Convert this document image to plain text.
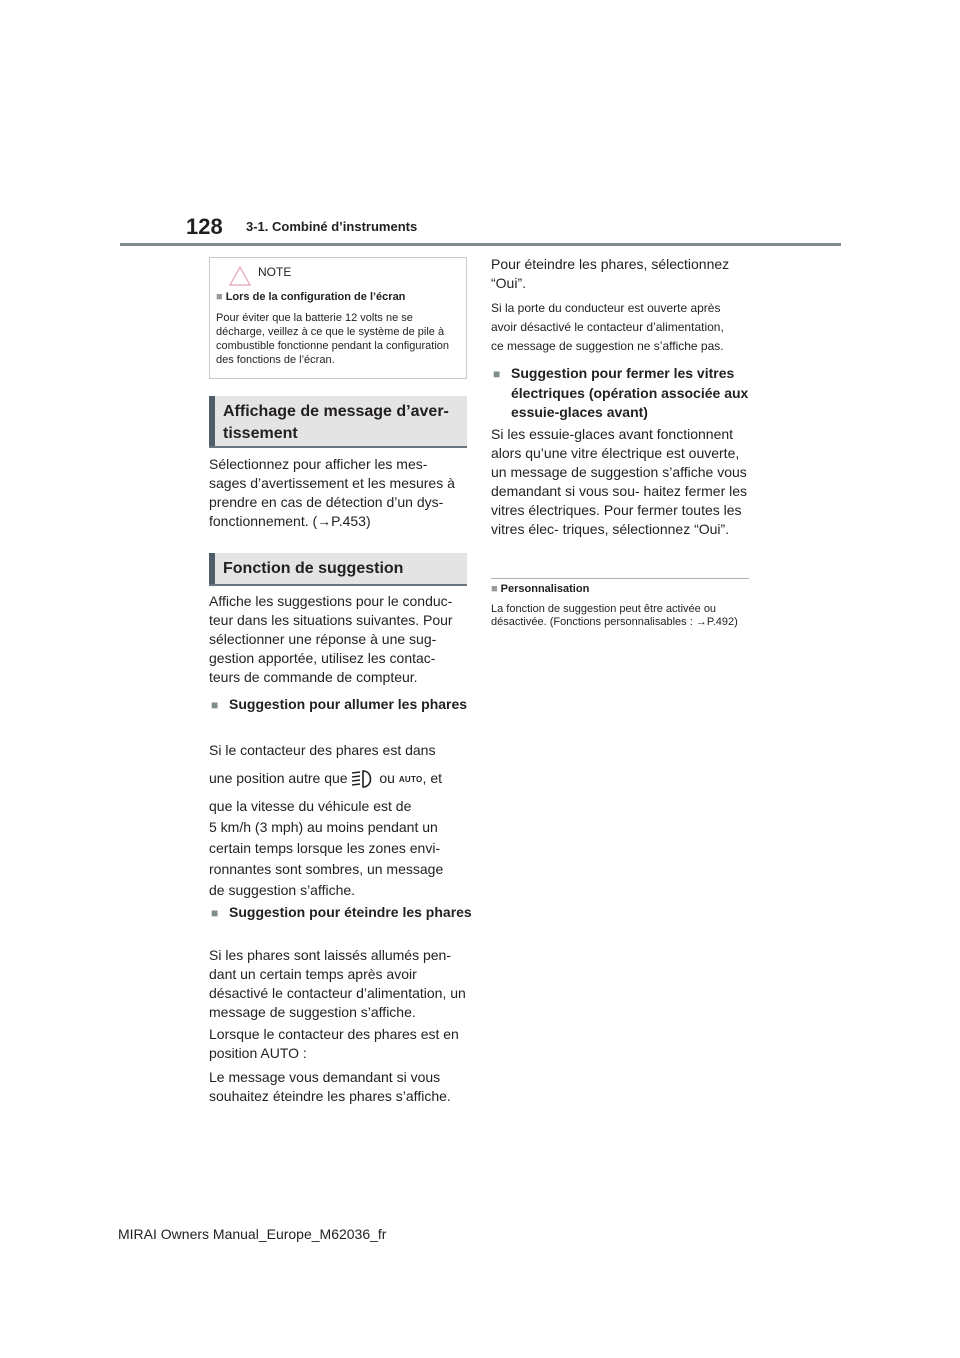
128 3-1. Combiné d’instruments
NOTE
■ Lors de la configuration de l’écran
Pour éviter que la batterie 12 volts ne se décharge, veillez à ce que le système de pile à combustible fonctionne pendant la configuration des fonctions de l’écran.
Affichage de message d’aver-
tissement
Sélectionnez pour afficher les mes- sages d’avertissement et les mesures à prendre en cas de détection d’un dys- fonctionnement. (→P.453)
Fonction de suggestion
Affiche les suggestions pour le conduc- teur dans les situations suivantes. Pour sélectionner une réponse à une sug- gestion apportée, utilisez les contac- teurs de commande de compteur.
■ Suggestion pour allumer les phares
Si le contacteur des phares est dans
une position autre que ou AUTO, et
que la vitesse du véhicule est de
5 km/h (3 mph) au moins pendant un
certain temps lorsque les zones envi-
ronnantes sont sombres, un message
de suggestion s’affiche.
■ Suggestion pour éteindre les phares
Si les phares sont laissés allumés pen- dant un certain temps après avoir désactivé le contacteur d’alimentation, un message de suggestion s’affiche.
Lorsque le contacteur des phares est en position AUTO :
Le message vous demandant si vous souhaitez éteindre les phares s’affiche.
Pour éteindre les phares, sélectionnez “Oui”.
Si la porte du conducteur est ouverte après
avoir désactivé le contacteur d’alimentation,
ce message de suggestion ne s’affiche pas.
■ Suggestion pour fermer les vitres électriques (opération associée aux essuie-glaces avant)
Si les essuie-glaces avant fonctionnent alors qu’une vitre électrique est ouverte, un message de suggestion s’affiche vous demandant si vous sou- haitez fermer les vitres électriques. Pour fermer toutes les vitres élec- triques, sélectionnez “Oui”.
■ Personnalisation
La fonction de suggestion peut être activée ou désactivée. (Fonctions personnalisables : →P.492)
MIRAI Owners Manual_Europe_M62036_fr
